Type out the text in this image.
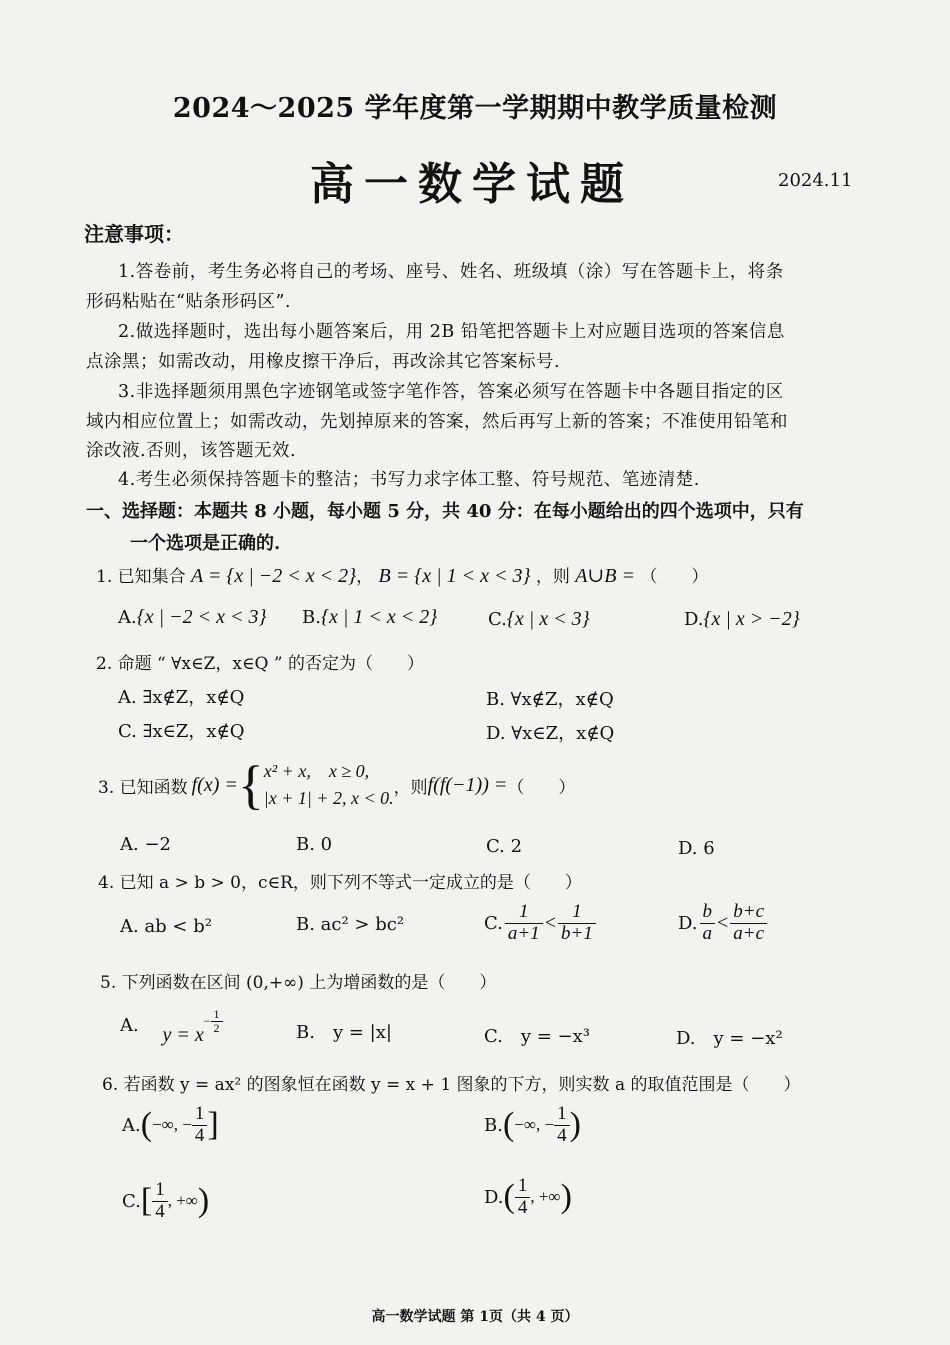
2024～2025 学年度第一学期期中教学质量检测
高一数学试题	2024.11
注意事项：
1.答卷前，考生务必将自己的考场、座号、姓名、班级填（涂）写在答题卡上，将条
形码粘贴在“贴条形码区”.
2.做选择题时，选出每小题答案后，用 2B 铅笔把答题卡上对应题目选项的答案信息
点涂黑；如需改动，用橡皮擦干净后，再改涂其它答案标号.
3.非选择题须用黑色字迹钢笔或签字笔作答，答案必须写在答题卡中各题目指定的区
域内相应位置上；如需改动，先划掉原来的答案，然后再写上新的答案；不准使用铅笔和
涂改液.否则，该答题无效.
4.考生必须保持答题卡的整洁；书写力求字体工整、符号规范、笔迹清楚.
一、选择题：本题共 8 小题，每小题 5 分，共 40 分：在每小题给出的四个选项中，只有
一个选项是正确的.
1. 已知集合 A = {x | −2 < x < 2}， B = {x | 1 < x < 3} ，则 A∪B = （　　）
A.{x | −2 < x < 3} B.{x | 1 < x < 2}	C.{x | x < 3}	D.{x | x > −2}
2. 命题 “ ∀x∈Z，x∈Q ” 的否定为（　　）
A. ∃x∉Z，x∉Q	B. ∀x∉Z，x∉Q
C. ∃x∈Z，x∉Q	D. ∀x∈Z，x∉Q
3. 已知函数 f(x) = { x² + x,　x ≥ 0,
|x + 1| + 2, x < 0.
，则 f(f(−1)) = （　　）
A. −2	B. 0	C. 2	D. 6
4. 已知 a > b > 0，c∈R，则下列不等式一定成立的是（　　）
A. ab < b²	B. ac² > bc²	C. $\frac{1}{a+1} < \frac{1}{b+1}$	D. $\frac{b}{a} < \frac{b+c}{a+c}$
5. 下列函数在区间 (0,+∞) 上为增函数的是（　　）
A. y = x
− $\frac{1}{2}$	B.　y = |x|	C.　y = −x³	D.　y = −x²
6. 若函数 y = ax² 的图象恒在函数 y = x + 1 图象的下方，则实数 a 的取值范围是（　　）
A. ( −∞, − $\frac{1}{4}$ ]	B. ( −∞, − $\frac{1}{4}$ )
C. [ $\frac{1}{4}$ , +∞ )	D. ( $\frac{1}{4}$ , +∞ )
高一数学试题 第 1页（共 4 页）
